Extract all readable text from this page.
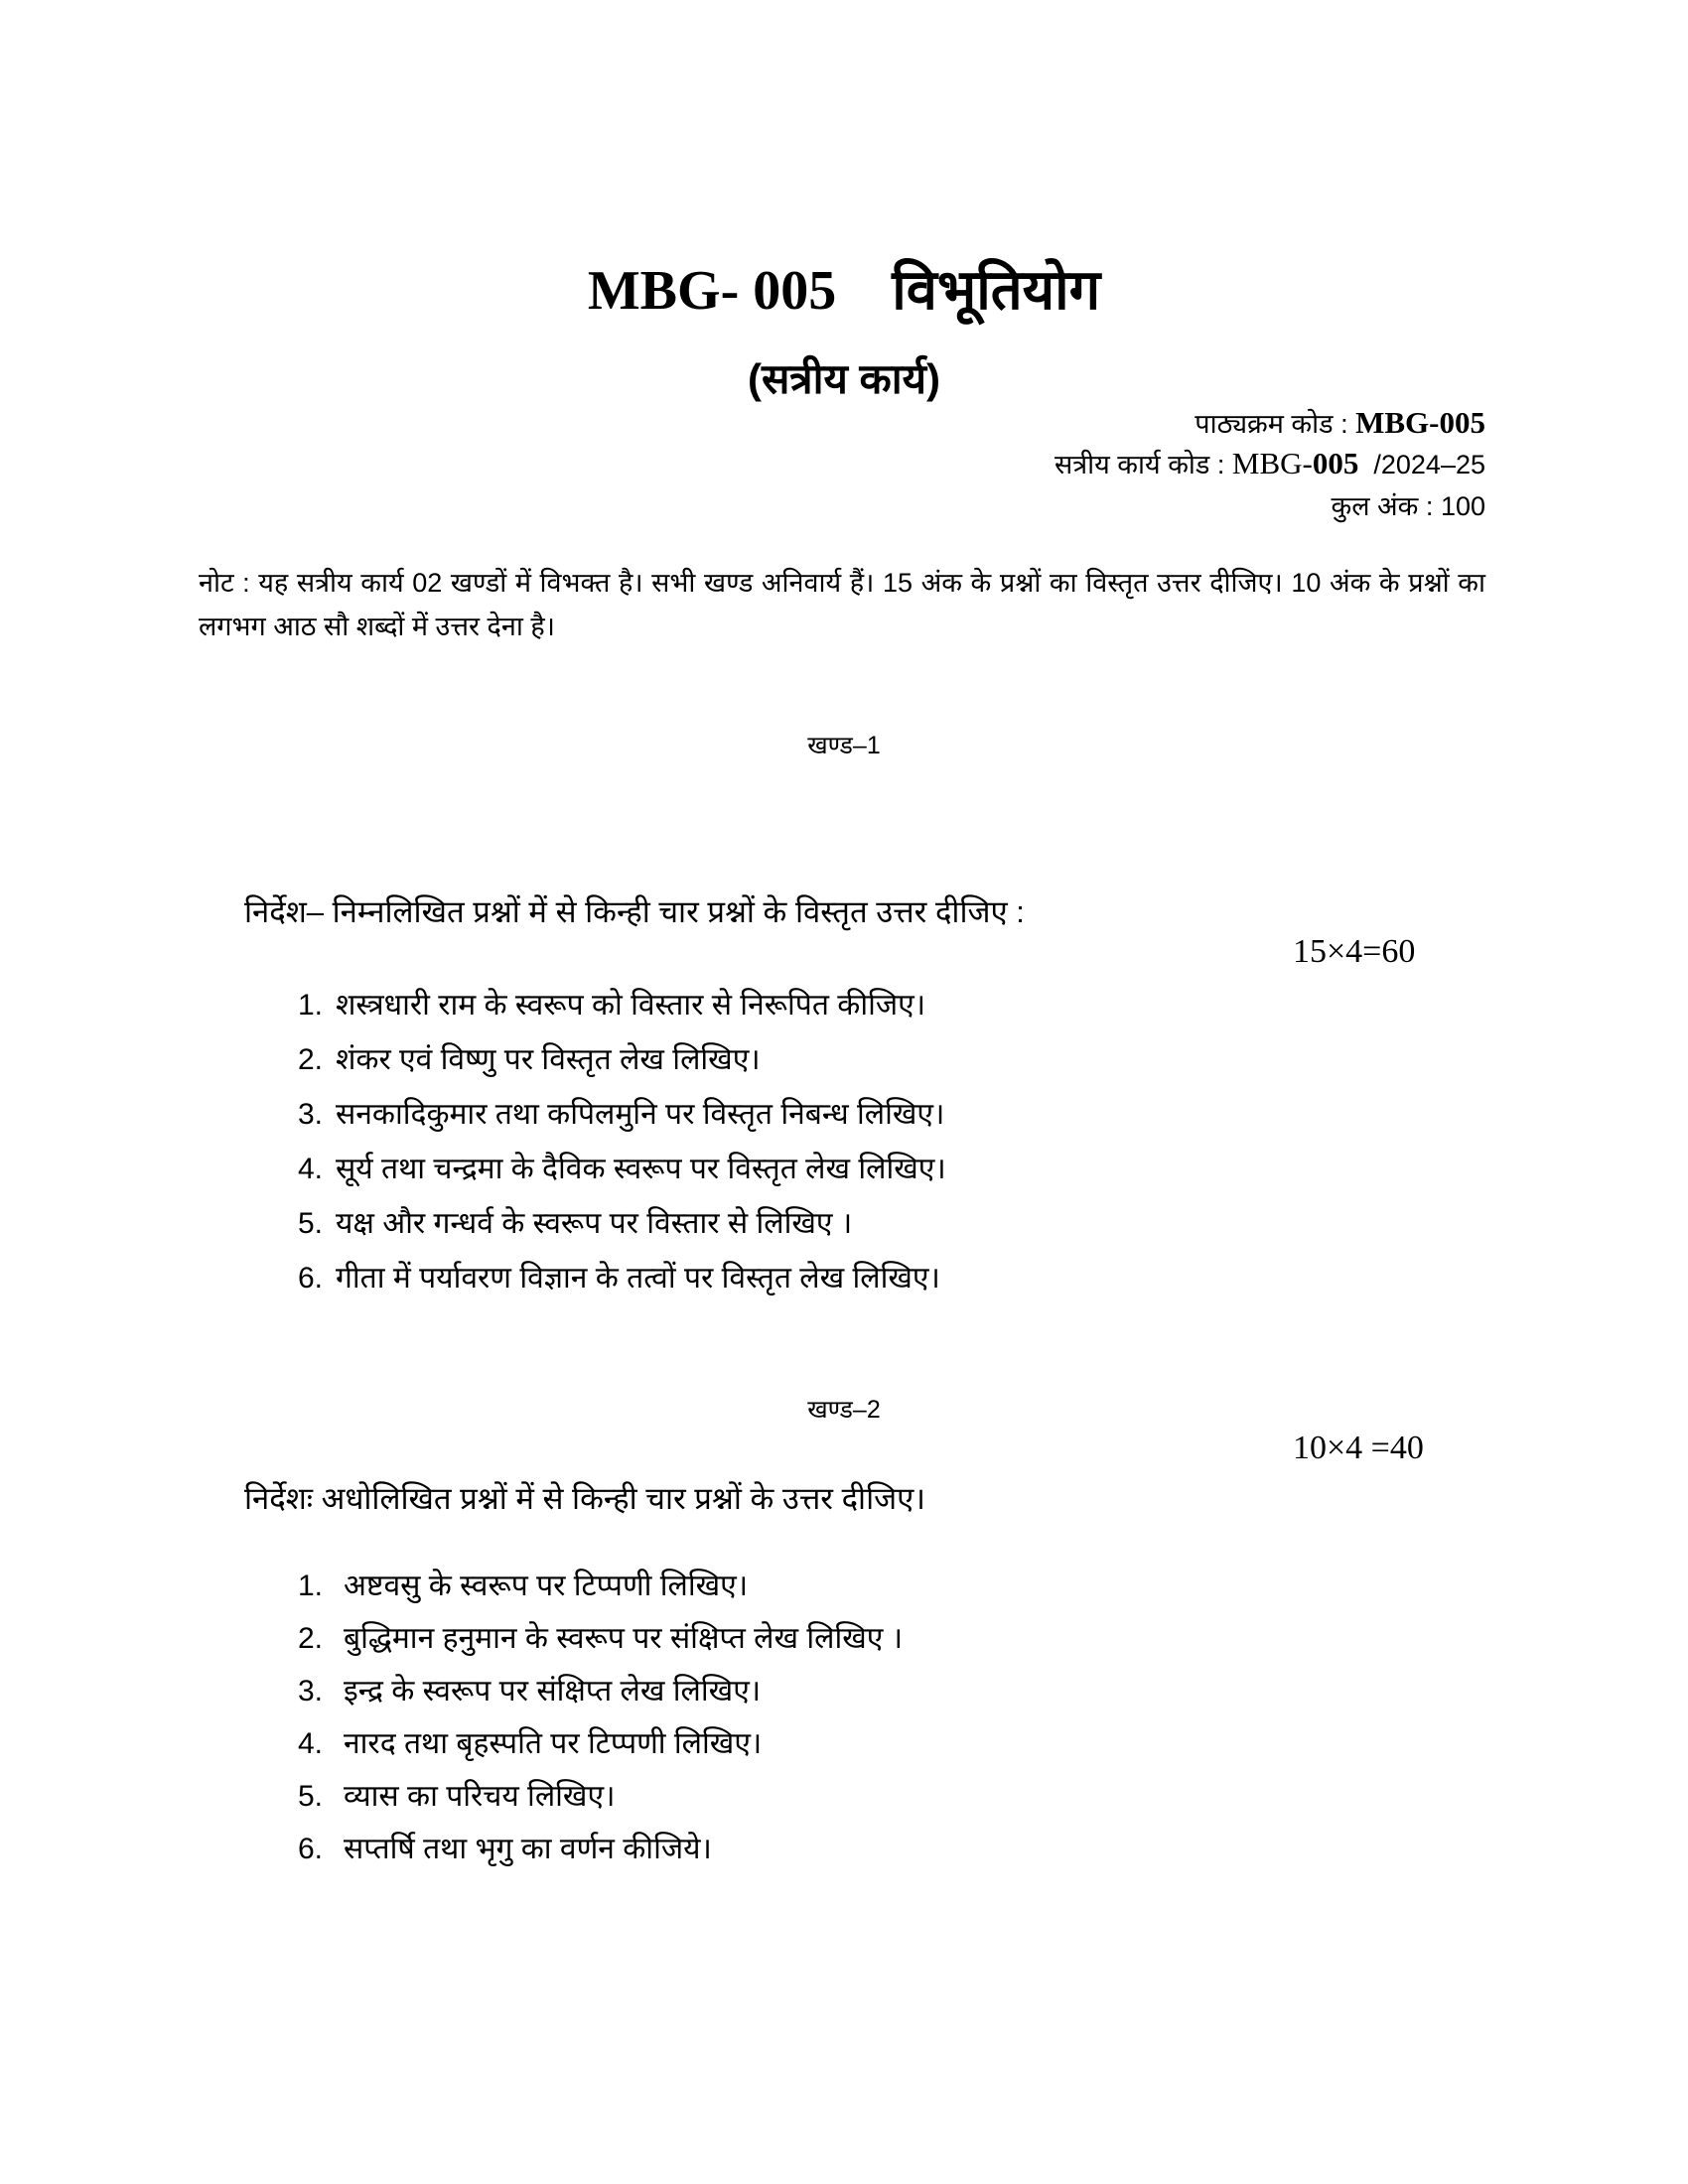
MBG- 005 विभूतियोग
(सत्रीय कार्य)
पाठ्यक्रम कोड : MBG-005
सत्रीय कार्य कोड : MBG-005 /2024–25
कुल अंक : 100
नोट : यह सत्रीय कार्य 02 खण्डों में विभक्त है। सभी खण्ड अनिवार्य हैं। 15 अंक के प्रश्नों का विस्तृत उत्तर दीजिए। 10 अंक के प्रश्नों का लगभग आठ सौ शब्दों में उत्तर देना है।
खण्ड–1
निर्देश– निम्नलिखित प्रश्नों में से किन्ही चार प्रश्नों के विस्तृत उत्तर दीजिए :
15×4=60
1. शस्त्रधारी राम के स्वरूप को विस्तार से निरूपित कीजिए।
2. शंकर एवं विष्णु पर विस्तृत लेख लिखिए।
3. सनकादिकुमार तथा कपिलमुनि पर विस्तृत निबन्ध लिखिए।
4. सूर्य तथा चन्द्रमा के दैविक स्वरूप पर विस्तृत लेख लिखिए।
5. यक्ष और गन्धर्व के स्वरूप पर विस्तार से लिखिए ।
6. गीता में पर्यावरण विज्ञान के तत्वों पर विस्तृत लेख लिखिए।
खण्ड–2
10×4 =40
निर्देशः अधोलिखित प्रश्नों में से किन्ही चार प्रश्नों के उत्तर दीजिए।
1. अष्टवसु के स्वरूप पर टिप्पणी लिखिए।
2. बुद्धिमान हनुमान के स्वरूप पर संक्षिप्त लेख लिखिए ।
3. इन्द्र के स्वरूप पर संक्षिप्त लेख लिखिए।
4. नारद तथा बृहस्पति पर टिप्पणी लिखिए।
5. व्यास का परिचय लिखिए।
6. सप्तर्षि तथा भृगु का वर्णन कीजिये।
